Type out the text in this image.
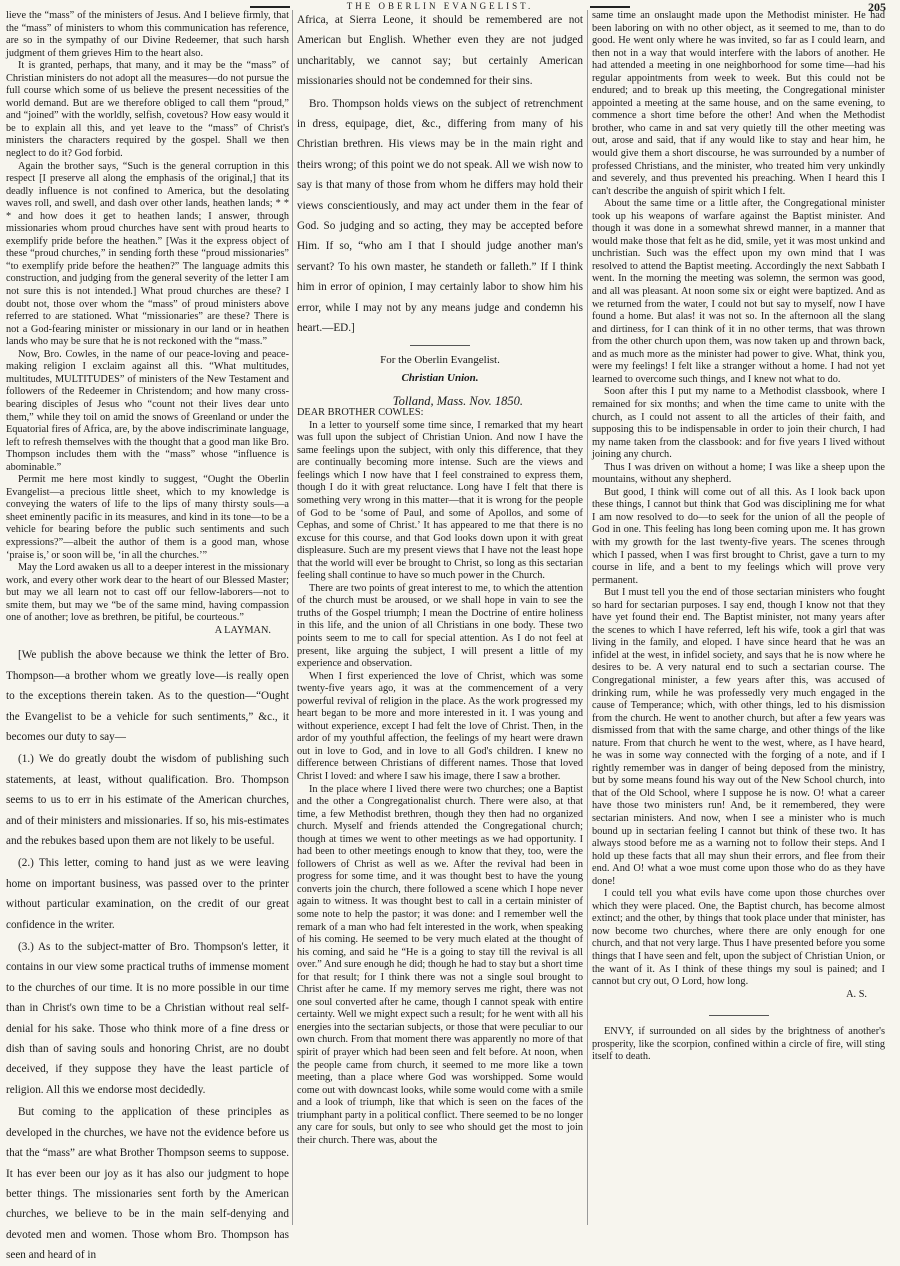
THE OBERLIN EVANGELIST.	205

lieve the “mass” of the ministers of Jesus. And I believe firmly, that the “mass” of ministers to whom this communication has reference, are so in the sympathy of our Divine Redeemer, that such harsh judgment of them grieves Him to the heart also.

It is granted, perhaps, that many, and it may be the “mass” of Christian ministers do not adopt all the measures—do not pursue the full course which some of us believe the present necessities of the world demand. But are we therefore obliged to call them “proud,” and “joined” with the worldly, selfish, covetous? How easy would it be to explain all this, and yet leave to the “mass” of Christ's ministers the characters required by the gospel. Shall we then neglect to do it? God forbid.

Again the brother says, “Such is the general corruption in this respect [I preserve all along the emphasis of the original,] that its deadly influence is not confined to America, but the desolating waves roll, and swell, and dash over other lands, heathen lands; * * * and how does it get to heathen lands; I answer, through missionaries whom proud churches have sent with proud hearts to exemplify pride before the heathen.” [Was it the express object of these “proud churches,” in sending forth these “proud missionaries” “to exemplify pride before the heathen?” The language admits this construction, and judging from the general severity of the letter I am not sure this is not intended.] What proud churches are these? I doubt not, those over whom the “mass” of proud ministers above referred to are stationed. What “missionaries” are these? There is not a God-fearing minister or missionary in our land or in heathen lands who may be sure that he is not reckoned with the “mass.”

Now, Bro. Cowles, in the name of our peace-loving and peace-making religion I exclaim against all this. “What multitudes, multitudes, MULTITUDES” of ministers of the New Testament and followers of the Redeemer in Christendom; and how many cross-bearing disciples of Jesus who “count not their lives dear unto them,” while they toil on amid the snows of Greenland or under the Equatorial fires of Africa, are, by the above indiscriminate language, left to refresh themselves with the thought that a good man like Bro. Thompson includes them with the “mass” whose “influence is abominable.”

Permit me here most kindly to suggest, “Ought the Oberlin Evangelist—a precious little sheet, which to my knowledge is conveying the waters of life to the lips of many thirsty souls—a sheet eminently pacific in its measures, and kind in its tone—to be a vehicle for bearing before the public such sentiments and such expressions?”—albeit the author of them is a good man, whose ‘praise is,’ or soon will be, ‘in all the churches.’”

May the Lord awaken us all to a deeper interest in the missionary work, and every other work dear to the heart of our Blessed Master; but may we all learn not to cast off our fellow-laborers—not to smite them, but may we “be of the same mind, having compassion one of another; love as brethren, be pitiful, be courteous.”

A LAYMAN.

[We publish the above because we think the letter of Bro. Thompson—a brother whom we greatly love—is really open to the exceptions therein taken. As to the question—“Ought the Evangelist to be a vehicle for such sentiments,” &c., it becomes our duty to say—

(1.) We do greatly doubt the wisdom of publishing such statements, at least, without qualification. Bro. Thompson seems to us to err in his estimate of the American churches, and of their ministers and missionaries. If so, his mis-estimates and the rebukes based upon them are not likely to be useful.

(2.) This letter, coming to hand just as we were leaving home on important business, was passed over to the printer without particular examination, on the credit of our great confidence in the writer.

(3.) As to the subject-matter of Bro. Thompson's letter, it contains in our view some practical truths of immense moment to the churches of our time. It is no more possible in our time than in Christ's own time to be a Christian without real self-denial for his sake. Those who think more of a fine dress or dish than of saving souls and honoring Christ, are no doubt deceived, if they suppose they have the least particle of religion. All this we endorse most decidedly.

But coming to the application of these principles as developed in the churches, we have not the evidence before us that the “mass” are what Brother Thompson seems to suppose. It has ever been our joy as it has also our judgment to hope better things. The missionaries sent forth by the American churches, we believe to be in the main self-denying and devoted men and women. Those whom Bro. Thompson has seen and heard of in

Africa, at Sierra Leone, it should be remembered are not American but English. Whether even they are not judged uncharitably, we cannot say; but certainly American missionaries should not be condemned for their sins.

Bro. Thompson holds views on the subject of retrenchment in dress, equipage, diet, &c., differing from many of his Christian brethren. His views may be in the main right and theirs wrong; of this point we do not speak. All we wish now to say is that many of those from whom he differs may hold their views conscientiously, and may act under them in the fear of God. So judging and so acting, they may be accepted before Him. If so, “who am I that I should judge another man's servant? To his own master, he standeth or falleth.” If I think him in error of opinion, I may certainly labor to show him his error, while I may not by any means judge and condemn his heart.—ED.]

For the Oberlin Evangelist.

Christian Union.

Tolland, Mass. Nov. 1850.

DEAR BROTHER COWLES:

In a letter to yourself some time since, I remarked that my heart was full upon the subject of Christian Union. And now I have the same feelings upon the subject, with only this difference, that they are continually becoming more intense. Such are the views and feelings which I now have that I feel constrained to express them, though I do it with great reluctance. Long have I felt that there is something very wrong in this matter—that it is wrong for the people of God to be ‘some of Paul, and some of Apollos, and some of Cephas, and some of Christ.’ It has appeared to me that there is no excuse for this course, and that God looks down upon it with great displeasure. Such are my present views that I have not the least hope that the world will ever be brought to Christ, so long as this sectarian feeling shall continue to have so much power in the Church.

There are two points of great interest to me, to which the attention of the church must be aroused, or we shall hope in vain to see the truths of the Gospel triumph; I mean the Doctrine of entire holiness in this life, and the union of all Christians in one body. These two points seem to me to call for special attention. As I do not feel at present, like arguing the subject, I will present a little of my experience and observation.

When I first experienced the love of Christ, which was some twenty-five years ago, it was at the commencement of a very powerful revival of religion in the place. As the work progressed my heart began to be more and more interested in it. I was young and without experience, except I had felt the love of Christ. Then, in the ardor of my youthful affection, the feelings of my heart were drawn out in love to God, and in love to all God's children. I knew no difference between Christians of different names. Those that loved Christ I loved: and where I saw his image, there I saw a brother.

In the place where I lived there were two churches; one a Baptist and the other a Congregationalist church. There were also, at that time, a few Methodist brethren, though they then had no organized church. Myself and friends attended the Congregational church; though at times we went to other meetings as we had opportunity. I had been to other meetings enough to know that they, too, were the followers of Christ as well as we. After the revival had been in progress for some time, and it was thought best to have the young converts join the church, there followed a scene which I hope never again to witness. It was thought best to call in a certain minister of some note to help the pastor; it was done: and I remember well the remark of a man who had felt interested in the work, when speaking of his coming. He seemed to be very much elated at the thought of his coming, and said he “He is a going to stay till the revival is all over.” And sure enough he did; though he had to stay but a short time for that result; for I think there was not a single soul brought to Christ after he came. If my memory serves me right, there was not one soul converted after he came, though I cannot speak with entire certainty. Well we might expect such a result; for he went with all his energies into the sectarian subjects, or those that were peculiar to our own church. From that moment there was apparently no more of that spirit of prayer which had been seen and felt before. At noon, when the people came from church, it seemed to me more like a town meeting, than a place where God was worshipped. Some would come out with downcast looks, while some would come with a smile and a look of triumph, like that which is seen on the faces of the triumphant party in a political conflict. There seemed to be no longer any care for souls, but only to see who should get the most to join their church. There was, about the

same time an onslaught made upon the Methodist minister. He had been laboring on with no other object, as it seemed to me, than to do good. He went only where he was invited, so far as I could learn, and then not in a way that would interfere with the labors of another. He had attended a meeting in one neighborhood for some time—had his regular appointments from week to week. But this could not be endured; and to break up this meeting, the Congregational minister appointed a meeting at the same house, and on the same evening, to commence a short time before the other! And when the Methodist brother, who came in and sat very quietly till the other meeting was out, arose and said, that if any would like to stay and hear him, he would give them a short discourse, he was surrounded by a number of professed Christians, and the minister, who treated him very unkindly and severely, and thus prevented his preaching. When I heard this I can't describe the anguish of spirit which I felt.

About the same time or a little after, the Congregational minister took up his weapons of warfare against the Baptist minister. And though it was done in a somewhat shrewd manner, in a manner that would make those that felt as he did, smile, yet it was most unkind and unchristian. Such was the effect upon my own mind that I was resolved to attend the Baptist meeting. Accordingly the next Sabbath I went. In the morning the meeting was solemn, the sermon was good, and all was pleasant. At noon some six or eight were baptized. And as we returned from the water, I could not but say to myself, now I have found a home. But alas! it was not so. In the afternoon all the slang and dirtiness, for I can think of it in no other terms, that was thrown from the other church upon them, was now taken up and thrown back, and as much more as the minister had power to give. What, think you, were my feelings! I felt like a stranger without a home. I had not yet learned to overcome such things, and I knew not what to do.

Soon after this I put my name to a Methodist classbook, where I remained for six months; and when the time came to unite with the church, as I could not assent to all the articles of their faith, and supposing this to be indispensable in order to join their church, I had my name taken from the classbook: and for five years I lived without joining any church.

Thus I was driven on without a home; I was like a sheep upon the mountains, without any shepherd.

But good, I think will come out of all this. As I look back upon these things, I cannot but think that God was disciplining me for what I am now resolved to do—to seek for the union of all the people of God in one. This feeling has long been coming upon me. It has grown with my growth for the last twenty-five years. The scenes through which I passed, when I was first brought to Christ, gave a turn to my course in life, and a bent to my feelings which will prove very permanent.

But I must tell you the end of those sectarian ministers who fought so hard for sectarian purposes. I say end, though I know not that they have yet found their end. The Baptist minister, not many years after the scenes to which I have referred, left his wife, took a girl that was living in the family, and eloped. I have since heard that he was an infidel at the west, in infidel society, and says that he is now where he desires to be. A very natural end to such a sectarian course. The Congregational minister, a few years after this, was accused of drinking rum, while he was professedly very much engaged in the cause of Temperance; which, with other things, led to his dismission from the church. He went to another church, but after a few years was dismissed from that with the same charge, and other things of the like nature. From that church he went to the west, where, as I have heard, he was in some way connected with the forging of a note, and if I rightly remember was in danger of being deposed from the ministry, but by some means found his way out of the New School church, into that of the Old School, where I suppose he is now. O! what a career have those two ministers run! And, be it remembered, they were sectarian ministers. And now, when I see a minister who is much bound up in sectarian feeling I cannot but think of these two. It has always stood before me as a warning not to follow their steps. And I hold up these facts that all may shun their errors, and flee from their end. And O! what a woe must come upon those who do as they have done!

I could tell you what evils have come upon those churches over which they were placed. One, the Baptist church, has become almost extinct; and the other, by things that took place under that minister, has now become two churches, where there are only enough for one church, and that not very large. Thus I have presented before you some things that I have seen and felt, upon the subject of Christian Union, or the want of it. As I think of these things my soul is pained; and I cannot but cry out, O Lord, how long.

A. S.

ENVY, if surrounded on all sides by the brightness of another's prosperity, like the scorpion, confined within a circle of fire, will sting itself to death.
